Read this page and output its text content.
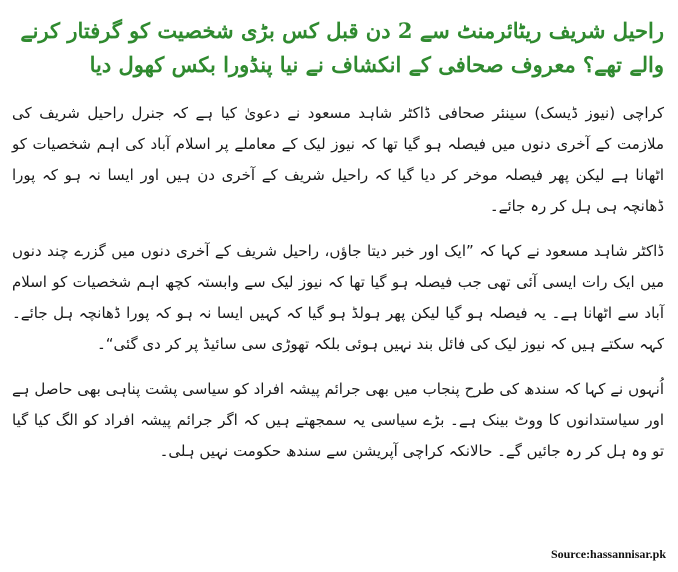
راحیل شریف ریٹائرمنٹ سے 2 دن قبل کس بڑی شخصیت کو گرفتار کرنے والے تھے؟ معروف صحافی کے انکشاف نے نیا پنڈورا بکس کھول دیا

کراچی (نیوز ڈیسک) سینئر صحافی ڈاکٹر شاہد مسعود نے دعویٰ کیا ہے کہ جنرل راحیل شریف کی ملازمت کے آخری دنوں میں فیصلہ ہو گیا تھا کہ نیوز لیک کے معاملے پر اسلام آباد کی اہم شخصیات کو اٹھانا ہے لیکن پھر فیصلہ موخر کر دیا گیا کہ راحیل شریف کے آخری دن ہیں اور ایسا نہ ہو کہ پورا ڈھانچہ ہی ہل کر رہ جائے۔

ڈاکٹر شاہد مسعود نے کہا کہ ”ایک اور خبر دیتا جاؤں، راحیل شریف کے آخری دنوں میں گزرے چند دنوں میں ایک رات ایسی آئی تھی جب فیصلہ ہو گیا تھا کہ نیوز لیک سے وابستہ کچھ اہم شخصیات کو اسلام آباد سے اٹھانا ہے۔ یہ فیصلہ ہو گیا لیکن پھر ہولڈ ہو گیا کہ کہیں ایسا نہ ہو کہ پورا ڈھانچہ ہل جائے۔ کہہ سکتے ہیں کہ نیوز لیک کی فائل بند نہیں ہوئی بلکہ تھوڑی سی سائیڈ پر کر دی گئی“۔

اُنہوں نے کہا کہ سندھ کی طرح پنجاب میں بھی جرائم پیشہ افراد کو سیاسی پشت پناہی بھی حاصل ہے اور سیاستدانوں کا ووٹ بینک ہے۔ بڑے سیاسی یہ سمجھتے ہیں کہ اگر جرائم پیشہ افراد کو الگ کیا گیا تو وہ ہل کر رہ جائیں گے۔ حالانکہ کراچی آپریشن سے سندھ حکومت نہیں ہلی۔

Source:hassannisar.pk
